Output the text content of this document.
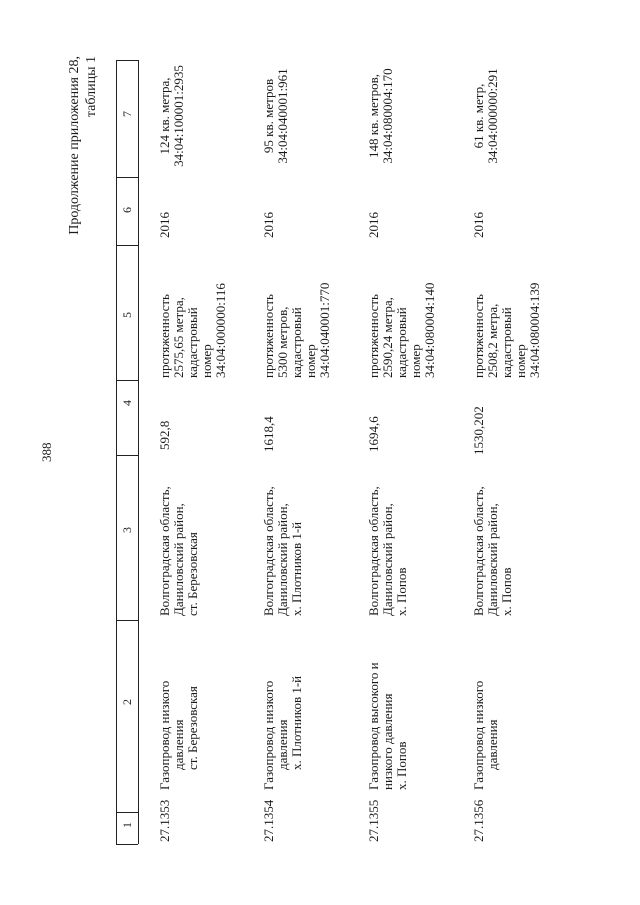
388
Продолжение приложения 28, таблицы 1
1
2
3
4
5
6
7
27.1353
Газопровод низкого давления ст. Березовская
Волгоградская область, Даниловский район, ст. Березовская
592,8
протяженность 2575,65 метра, кадастровый номер 34:04:000000:116
2016
124 кв. метра, 34:04:100001:2935
27.1354
Газопровод низкого давления х. Плотников 1-й
Волгоградская область, Даниловский район, х. Плотников 1-й
1618,4
протяженность 5300 метров, кадастровый номер 34:04:040001:770
2016
95 кв. метров 34:04:040001:961
27.1355
Газопровод высокого и низкого давления х. Попов
Волгоградская область, Даниловский район, х. Попов
1694,6
протяженность 2590,24 метра, кадастровый номер 34:04:080004:140
2016
148 кв. метров, 34:04:080004:170
27.1356
Газопровод низкого давления
Волгоградская область, Даниловский район, х. Попов
1530,202
протяженность 2508,2 метра, кадастровый номер 34:04:080004:139
2016
61 кв. метр, 34:04:000000:291
